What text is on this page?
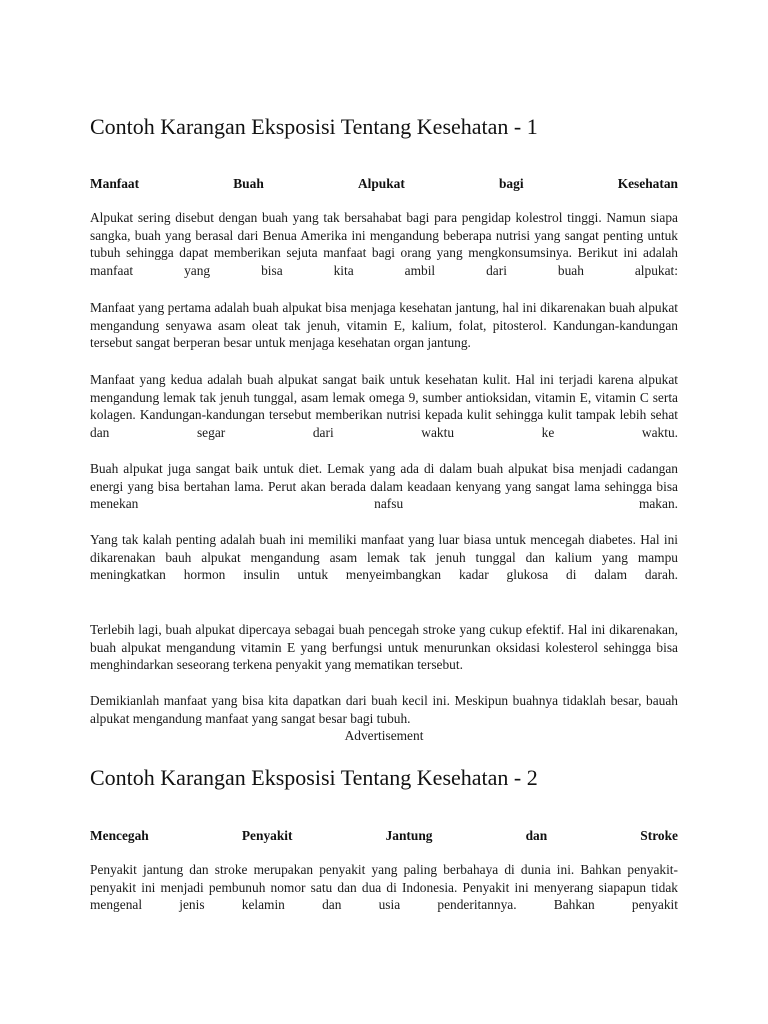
Contoh Karangan Eksposisi Tentang Kesehatan - 1
Manfaat	Buah	Alpukat	bagi	Kesehatan

Alpukat sering disebut dengan buah yang tak bersahabat bagi para pengidap kolestrol tinggi. Namun siapa sangka, buah yang berasal dari Benua Amerika ini mengandung beberapa nutrisi yang sangat penting untuk tubuh sehingga dapat memberikan sejuta manfaat bagi orang yang mengkonsumsinya. Berikut ini adalah manfaat yang bisa kita ambil dari buah alpukat:

Manfaat yang pertama adalah buah alpukat bisa menjaga kesehatan jantung, hal ini dikarenakan buah alpukat mengandung senyawa asam oleat tak jenuh, vitamin E, kalium, folat, pitosterol. Kandungan-kandungan tersebut sangat berperan besar untuk menjaga kesehatan organ jantung.

Manfaat yang kedua adalah buah alpukat sangat baik untuk kesehatan kulit. Hal ini terjadi karena alpukat mengandung lemak tak jenuh tunggal, asam lemak omega 9, sumber antioksidan, vitamin E, vitamin C serta kolagen. Kandungan-kandungan tersebut memberikan nutrisi kepada kulit sehingga kulit tampak lebih sehat dan segar dari waktu ke waktu.

Buah alpukat juga sangat baik untuk diet. Lemak yang ada di dalam buah alpukat bisa menjadi cadangan energi yang bisa bertahan lama. Perut akan berada dalam keadaan kenyang yang sangat lama sehingga bisa menekan nafsu makan.

Yang tak kalah penting adalah buah ini memiliki manfaat yang luar biasa untuk mencegah diabetes. Hal ini dikarenakan bauh alpukat mengandung asam lemak tak jenuh tunggal dan kalium yang mampu meningkatkan hormon insulin untuk menyeimbangkan kadar glukosa di dalam darah.

Terlebih lagi, buah alpukat dipercaya sebagai buah pencegah stroke yang cukup efektif. Hal ini dikarenakan, buah alpukat mengandung vitamin E yang berfungsi untuk menurunkan oksidasi kolesterol sehingga bisa menghindarkan seseorang terkena penyakit yang mematikan tersebut.

Demikianlah manfaat yang bisa kita dapatkan dari buah kecil ini. Meskipun buahnya tidaklah besar, bauah alpukat mengandung manfaat yang sangat besar bagi tubuh.

Advertisement
Contoh Karangan Eksposisi Tentang Kesehatan - 2
Mencegah	Penyakit	Jantung	dan	Stroke

Penyakit jantung dan stroke merupakan penyakit yang paling berbahaya di dunia ini. Bahkan penyakit-penyakit ini menjadi pembunuh nomor satu dan dua di Indonesia. Penyakit ini menyerang siapapun tidak mengenal jenis kelamin dan usia penderitannya. Bahkan penyakit
